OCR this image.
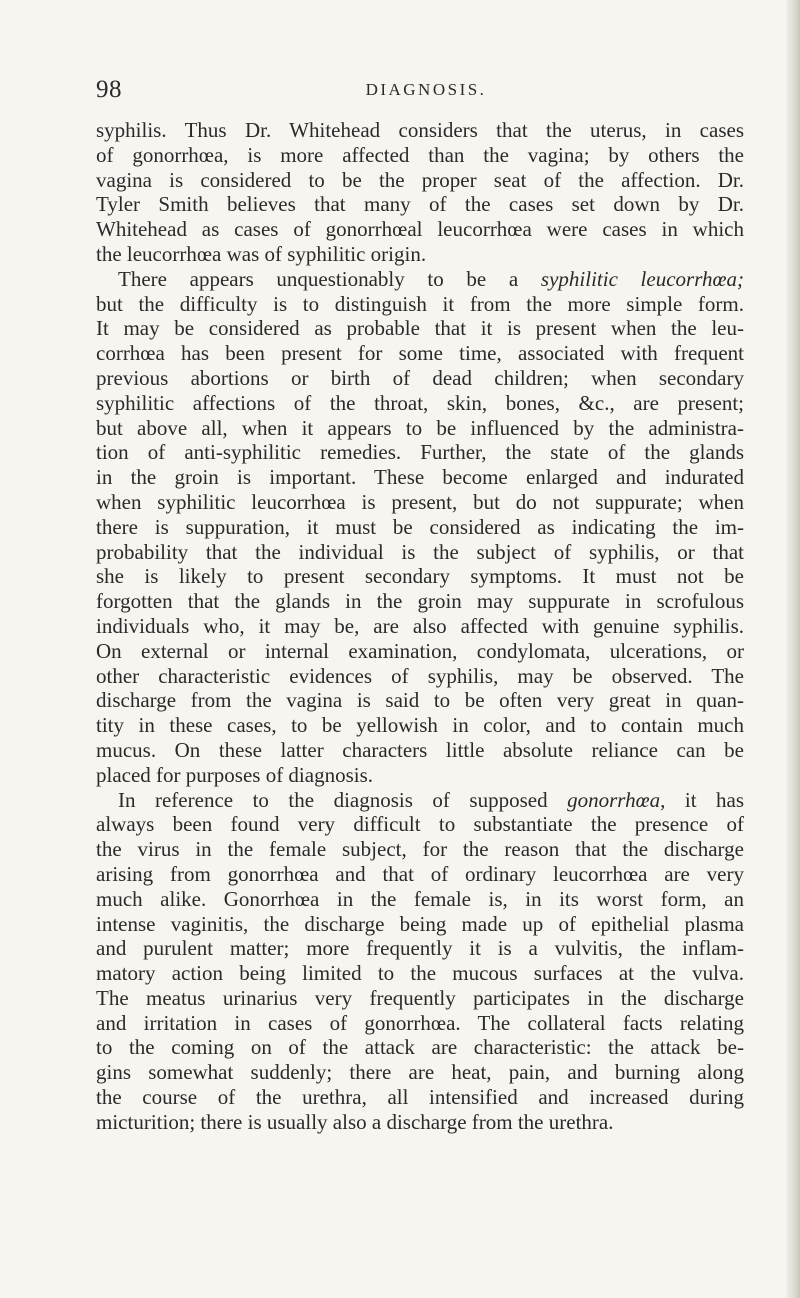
98	DIAGNOSIS.
syphilis. Thus Dr. Whitehead considers that the uterus, in cases
of gonorrhœa, is more affected than the vagina; by others the
vagina is considered to be the proper seat of the affection. Dr.
Tyler Smith believes that many of the cases set down by Dr.
Whitehead as cases of gonorrhœal leucorrhœa were cases in which
the leucorrhœa was of syphilitic origin.
There appears unquestionably to be a syphilitic leucorrhœa;
but the difficulty is to distinguish it from the more simple form.
It may be considered as probable that it is present when the leu-
corrhœa has been present for some time, associated with frequent
previous abortions or birth of dead children; when secondary
syphilitic affections of the throat, skin, bones, &c., are present;
but above all, when it appears to be influenced by the administra-
tion of anti-syphilitic remedies. Further, the state of the glands
in the groin is important. These become enlarged and indurated
when syphilitic leucorrhœa is present, but do not suppurate; when
there is suppuration, it must be considered as indicating the im-
probability that the individual is the subject of syphilis, or that
she is likely to present secondary symptoms. It must not be
forgotten that the glands in the groin may suppurate in scrofulous
individuals who, it may be, are also affected with genuine syphilis.
On external or internal examination, condylomata, ulcerations, or
other characteristic evidences of syphilis, may be observed. The
discharge from the vagina is said to be often very great in quan-
tity in these cases, to be yellowish in color, and to contain much
mucus. On these latter characters little absolute reliance can be
placed for purposes of diagnosis.
In reference to the diagnosis of supposed gonorrhœa, it has
always been found very difficult to substantiate the presence of
the virus in the female subject, for the reason that the discharge
arising from gonorrhœa and that of ordinary leucorrhœa are very
much alike. Gonorrhœa in the female is, in its worst form, an
intense vaginitis, the discharge being made up of epithelial plasma
and purulent matter; more frequently it is a vulvitis, the inflam-
matory action being limited to the mucous surfaces at the vulva.
The meatus urinarius very frequently participates in the discharge
and irritation in cases of gonorrhœa. The collateral facts relating
to the coming on of the attack are characteristic: the attack be-
gins somewhat suddenly; there are heat, pain, and burning along
the course of the urethra, all intensified and increased during
micturition; there is usually also a discharge from the urethra.
